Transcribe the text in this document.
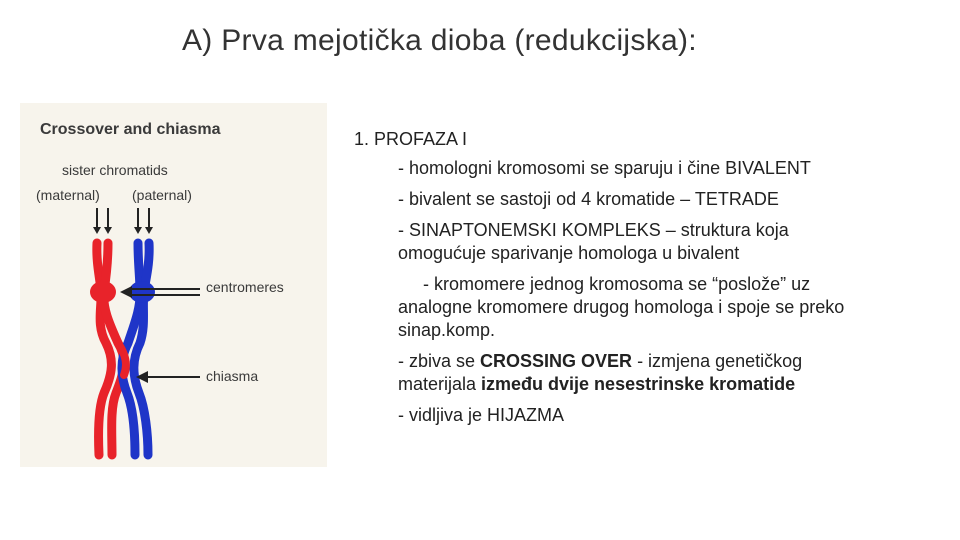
A) Prva mejotička dioba (redukcijska):
Crossover and chiasma
sister chromatids
(maternal) (paternal)
centromeres
chiasma
1. PROFAZA I
- homologni kromosomi se sparuju i čine BIVALENT
- bivalent se sastoji od 4 kromatide – TETRADE
- SINAPTONEMSKI KOMPLEKS – struktura koja omogućuje sparivanje homologa u bivalent
- kromomere jednog kromosoma se “posložе” uz analogne kromomere drugog homologa i spoje se preko sinap.komp.
- zbiva se CROSSING OVER - izmjena genetičkog materijala između dvije nesestrinske kromatide
- vidljiva je HIJAZMA
